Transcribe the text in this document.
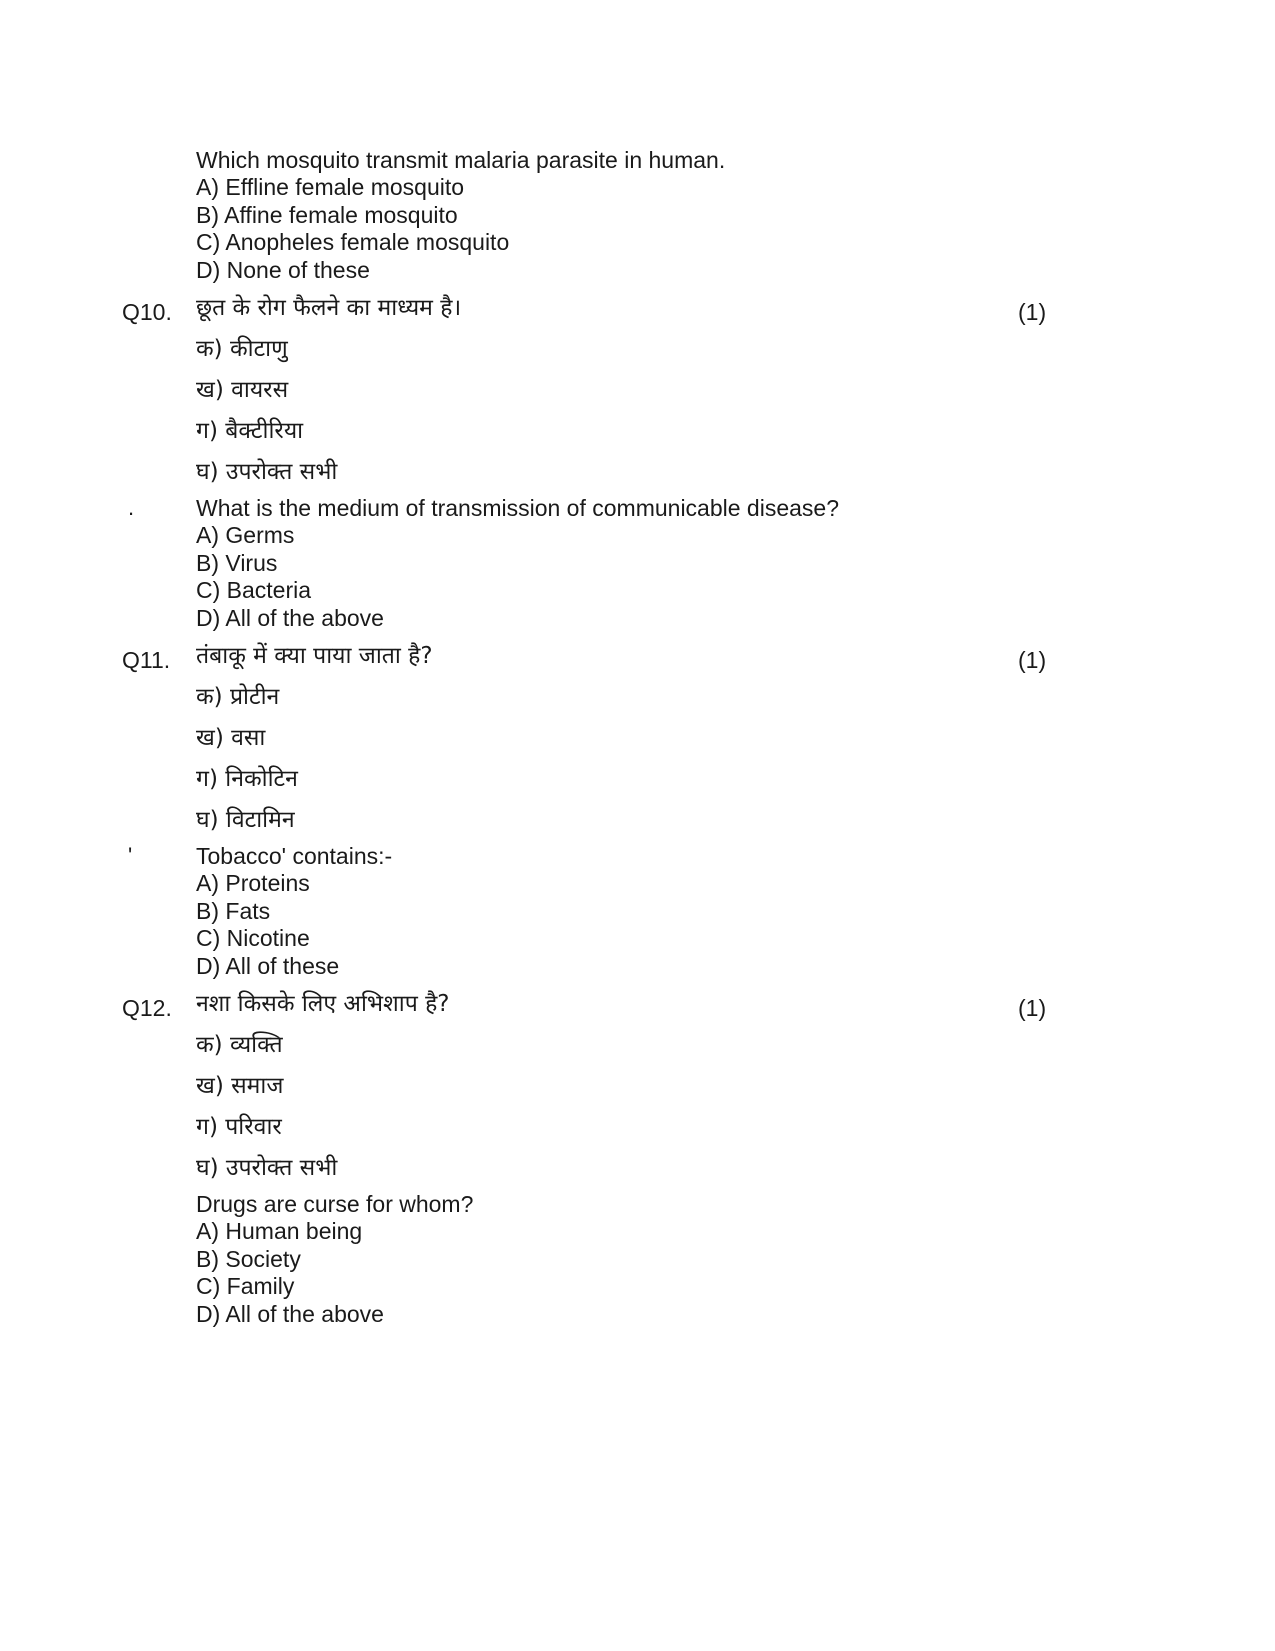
Which mosquito transmit malaria parasite in human.
A) Effline female mosquito
B) Affine female mosquito
C) Anopheles female mosquito
D) None of these
Q10.	(1)
छूत के रोग फैलने का माध्यम है।
क) कीटाणु
ख) वायरस
ग) बैक्टीरिया
घ) उपरोक्त सभी
.	What is the medium of transmission of communicable disease?
A) Germs
B) Virus
C) Bacteria
D) All of the above
Q11.	(1)
तंबाकू में क्या पाया जाता है?
क) प्रोटीन
ख) वसा
ग) निकोटिन
घ) विटामिन
'	Tobacco' contains:-
A) Proteins
B) Fats
C) Nicotine
D) All of these
Q12.	(1)
नशा किसके लिए अभिशाप है?
क) व्यक्ति
ख) समाज
ग) परिवार
घ) उपरोक्त सभी
Drugs are curse for whom?
A) Human being
B) Society
C) Family
D) All of the above
